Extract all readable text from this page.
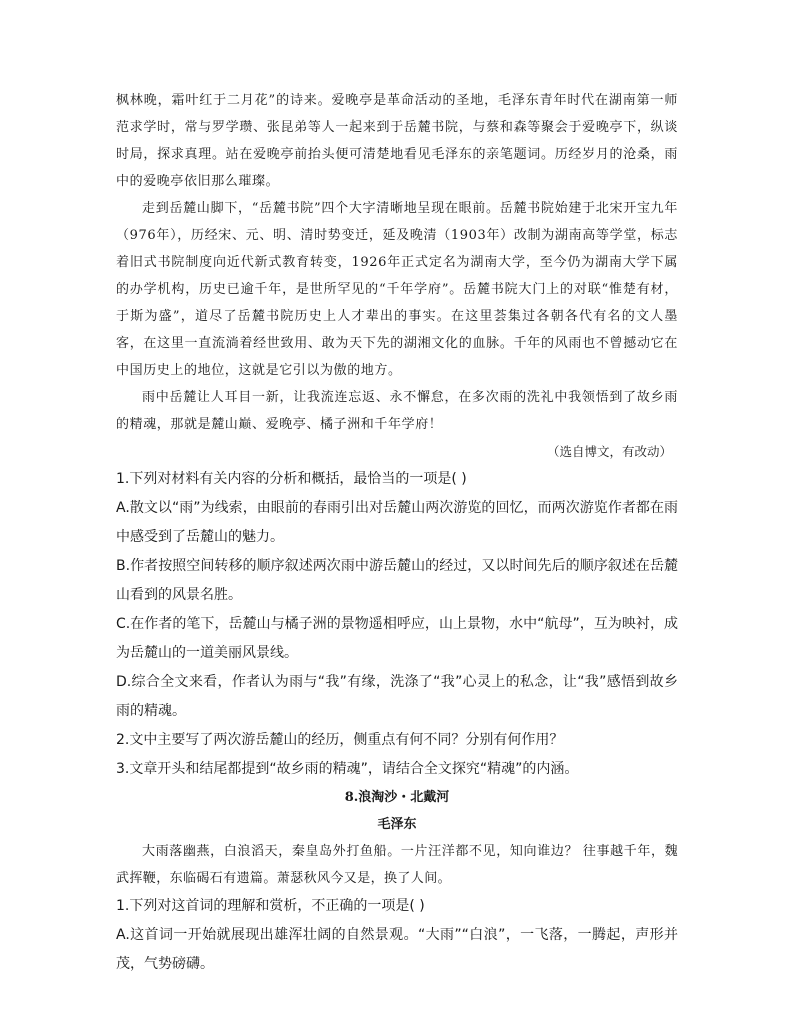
枫林晚，霜叶红于二月花”的诗来。爱晚亭是革命活动的圣地，毛泽东青年时代在湖南第一师范求学时，常与罗学瓒、张昆弟等人一起来到于岳麓书院，与蔡和森等聚会于爱晚亭下，纵谈时局，探求真理。站在爱晚亭前抬头便可清楚地看见毛泽东的亲笔题词。历经岁月的沧桑，雨中的爱晚亭依旧那么璀璨。

走到岳麓山脚下，“岳麓书院”四个大字清晰地呈现在眼前。岳麓书院始建于北宋开宝九年（976年），历经宋、元、明、清时势变迁，延及晚清（1903年）改制为湖南高等学堂，标志着旧式书院制度向近代新式教育转变，1926年正式定名为湖南大学，至今仍为湖南大学下属的办学机构，历史已逾千年，是世所罕见的“千年学府”。岳麓书院大门上的对联“惟楚有材，于斯为盛”，道尽了岳麓书院历史上人才辈出的事实。在这里荟集过各朝各代有名的文人墨客，在这里一直流淌着经世致用、敢为天下先的湖湘文化的血脉。千年的风雨也不曾撼动它在中国历史上的地位，这就是它引以为傲的地方。

雨中岳麓让人耳目一新，让我流连忘返、永不懈怠，在多次雨的洗礼中我领悟到了故乡雨的精魂，那就是麓山巅、爱晚亭、橘子洲和千年学府！

（选自博文，有改动）

1.下列对材料有关内容的分析和概括，最恰当的一项是( )

A.散文以“雨”为线索，由眼前的春雨引出对岳麓山两次游览的回忆，而两次游览作者都在雨中感受到了岳麓山的魅力。

B.作者按照空间转移的顺序叙述两次雨中游岳麓山的经过，又以时间先后的顺序叙述在岳麓山看到的风景名胜。

C.在作者的笔下，岳麓山与橘子洲的景物遥相呼应，山上景物，水中“航母”，互为映衬，成为岳麓山的一道美丽风景线。

D.综合全文来看，作者认为雨与“我”有缘，洗涤了“我”心灵上的私念，让“我”感悟到故乡雨的精魂。

2.文中主要写了两次游岳麓山的经历，侧重点有何不同？分别有何作用？

3.文章开头和结尾都提到“故乡雨的精魂”，请结合全文探究“精魂”的内涵。

8.浪淘沙・北戴河

毛泽东

大雨落幽燕，白浪滔天，秦皇岛外打鱼船。一片汪洋都不见，知向谁边？ 往事越千年，魏武挥鞭，东临碣石有遗篇。萧瑟秋风今又是，换了人间。

1.下列对这首词的理解和赏析，不正确的一项是( )

A.这首词一开始就展现出雄浑壮阔的自然景观。“大雨”“白浪”，一飞落，一腾起，声形并茂，气势磅礴。
